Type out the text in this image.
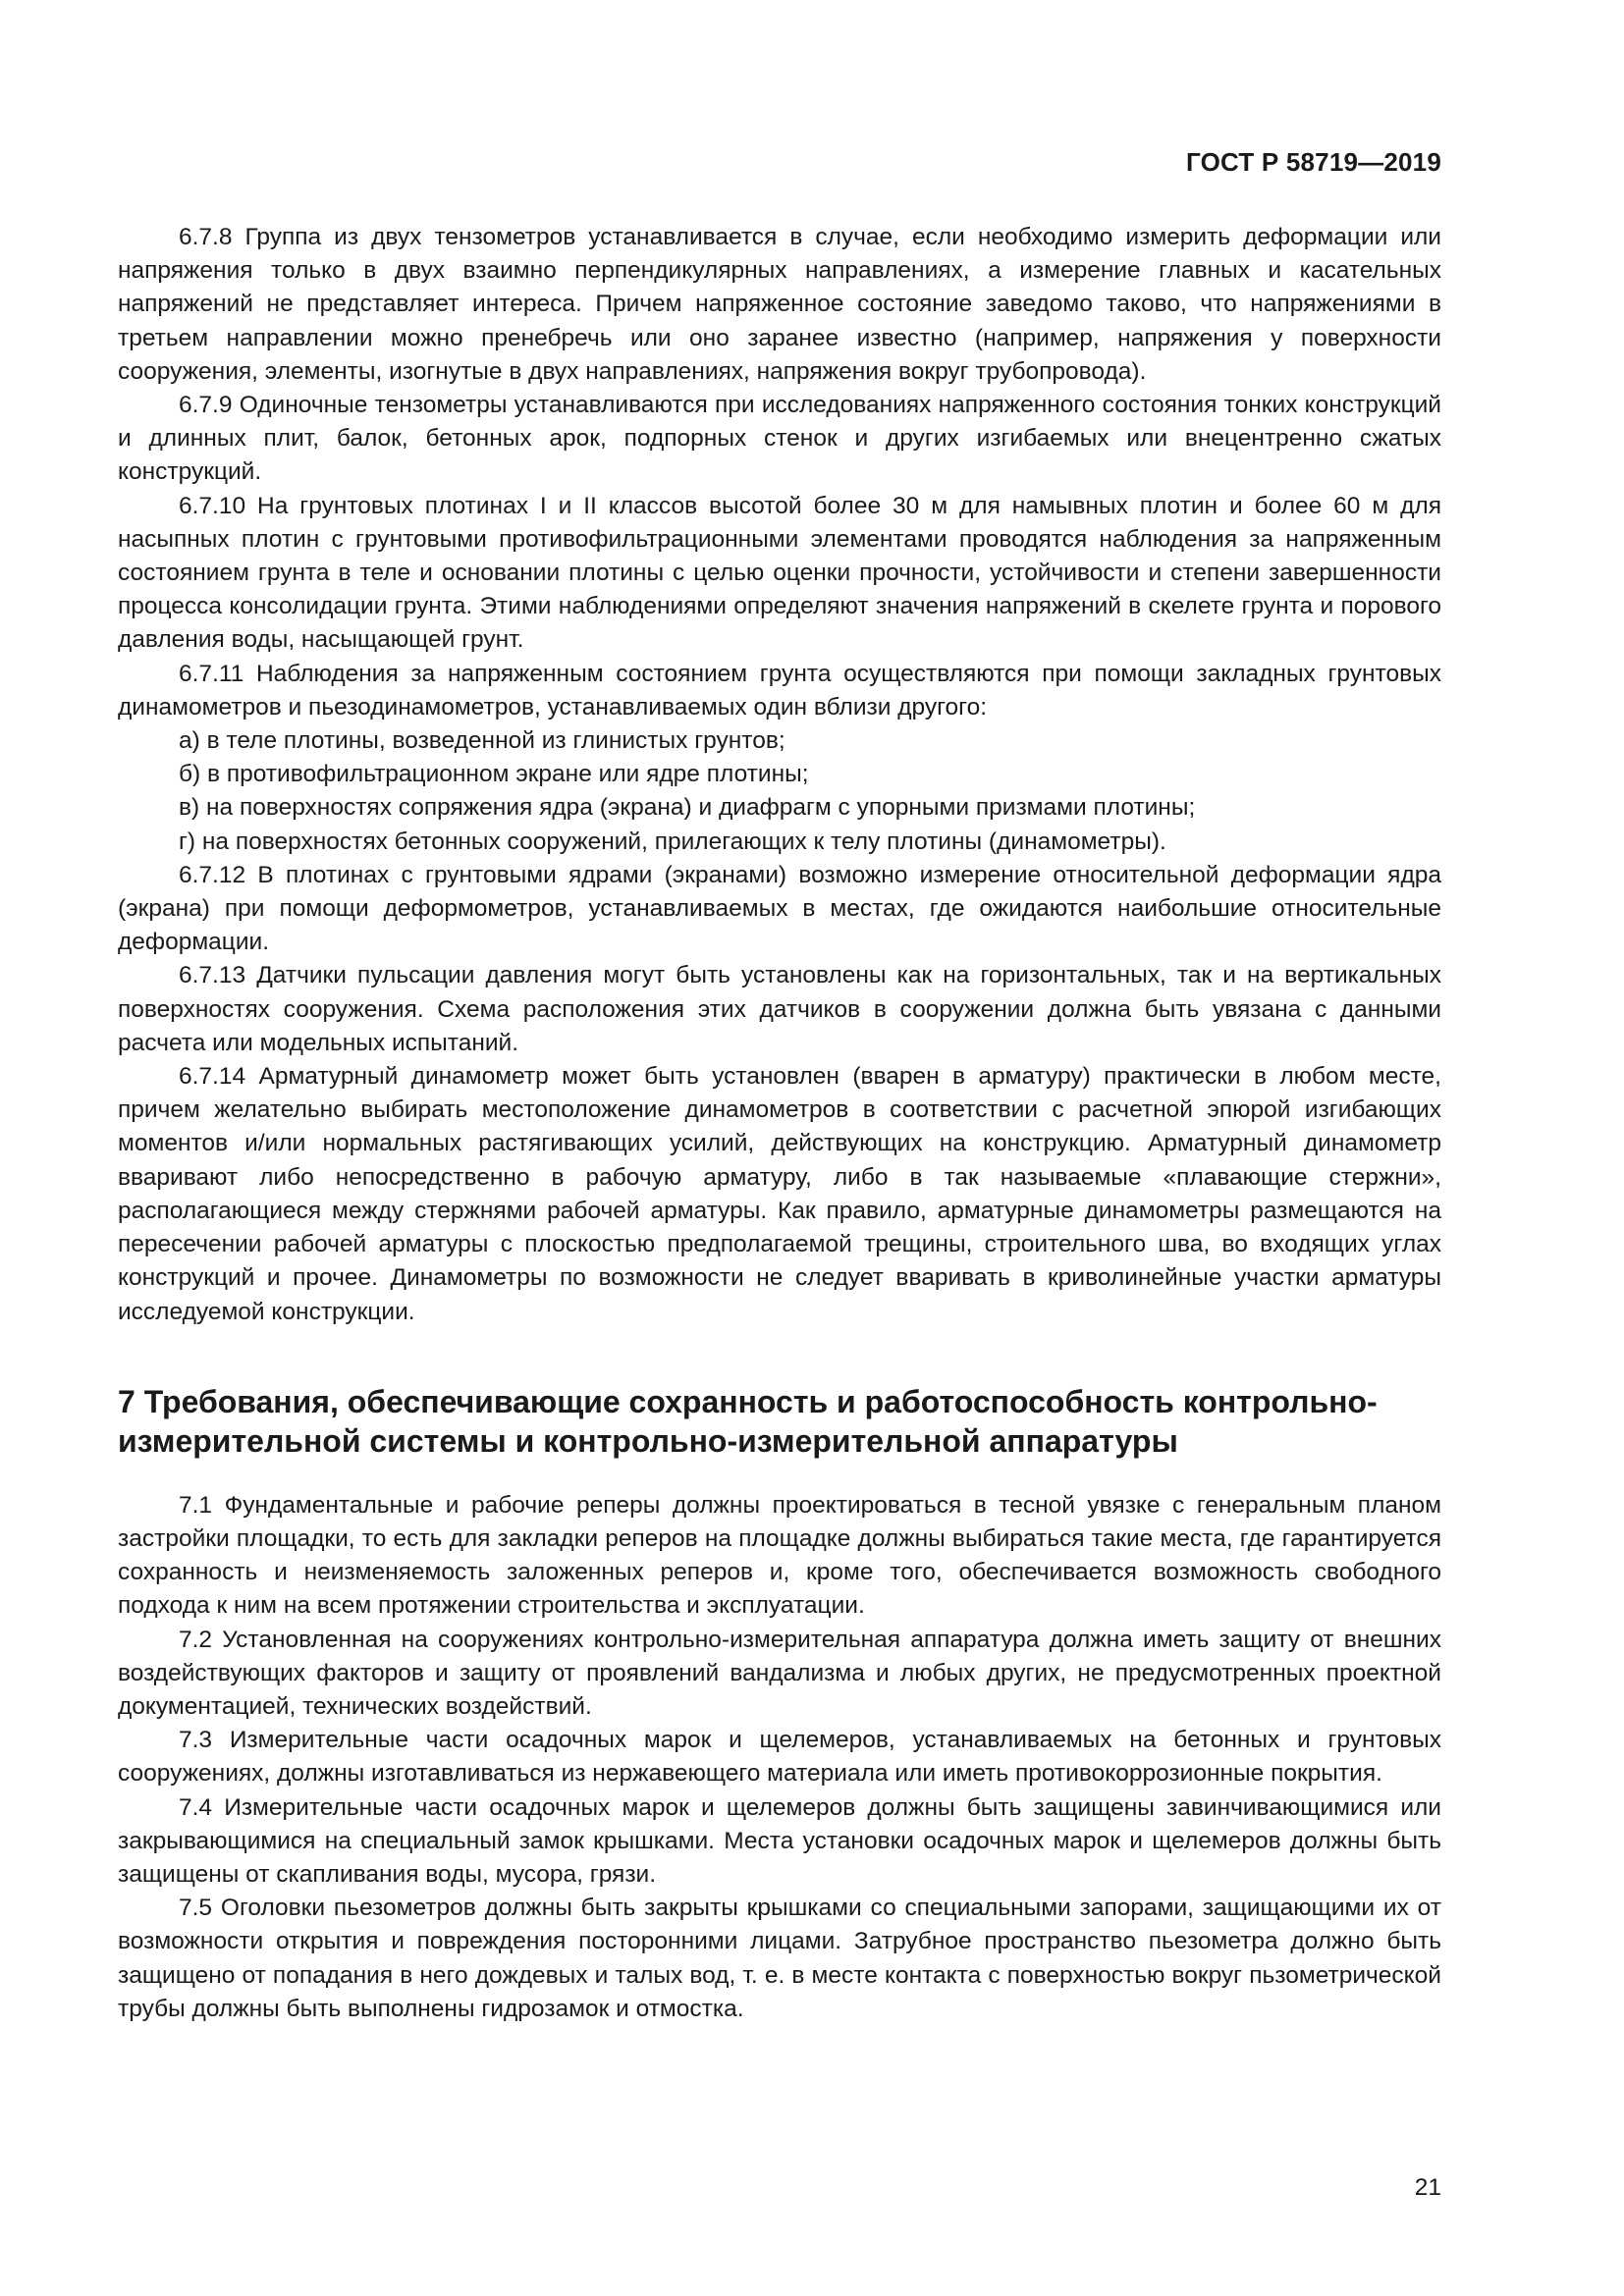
ГОСТ Р 58719—2019

6.7.8 Группа из двух тензометров устанавливается в случае, если необходимо измерить деформации или напряжения только в двух взаимно перпендикулярных направлениях, а измерение главных и касательных напряжений не представляет интереса. Причем напряженное состояние заведомо таково, что напряжениями в третьем направлении можно пренебречь или оно заранее известно (например, напряжения у поверхности сооружения, элементы, изогнутые в двух направлениях, напряжения вокруг трубопровода).

6.7.9 Одиночные тензометры устанавливаются при исследованиях напряженного состояния тонких конструкций и длинных плит, балок, бетонных арок, подпорных стенок и других изгибаемых или внецентренно сжатых конструкций.

6.7.10 На грунтовых плотинах I и II классов высотой более 30 м для намывных плотин и более 60 м для насыпных плотин с грунтовыми противофильтрационными элементами проводятся наблюдения за напряженным состоянием грунта в теле и основании плотины с целью оценки прочности, устойчивости и степени завершенности процесса консолидации грунта. Этими наблюдениями определяют значения напряжений в скелете грунта и порового давления воды, насыщающей грунт.

6.7.11 Наблюдения за напряженным состоянием грунта осуществляются при помощи закладных грунтовых динамометров и пьезодинамометров, устанавливаемых один вблизи другого:

а) в теле плотины, возведенной из глинистых грунтов;

б) в противофильтрационном экране или ядре плотины;

в) на поверхностях сопряжения ядра (экрана) и диафрагм с упорными призмами плотины;

г) на поверхностях бетонных сооружений, прилегающих к телу плотины (динамометры).

6.7.12 В плотинах с грунтовыми ядрами (экранами) возможно измерение относительной деформации ядра (экрана) при помощи деформометров, устанавливаемых в местах, где ожидаются наибольшие относительные деформации.

6.7.13 Датчики пульсации давления могут быть установлены как на горизонтальных, так и на вертикальных поверхностях сооружения. Схема расположения этих датчиков в сооружении должна быть увязана с данными расчета или модельных испытаний.

6.7.14 Арматурный динамометр может быть установлен (вварен в арматуру) практически в любом месте, причем желательно выбирать местоположение динамометров в соответствии с расчетной эпюрой изгибающих моментов и/или нормальных растягивающих усилий, действующих на конструкцию. Арматурный динамометр вваривают либо непосредственно в рабочую арматуру, либо в так называемые «плавающие стержни», располагающиеся между стержнями рабочей арматуры. Как правило, арматурные динамометры размещаются на пересечении рабочей арматуры с плоскостью предполагаемой трещины, строительного шва, во входящих углах конструкций и прочее. Динамометры по возможности не следует вваривать в криволинейные участки арматуры исследуемой конструкции.

7 Требования, обеспечивающие сохранность и работоспособность контрольно-измерительной системы и контрольно-измерительной аппаратуры

7.1 Фундаментальные и рабочие реперы должны проектироваться в тесной увязке с генеральным планом застройки площадки, то есть для закладки реперов на площадке должны выбираться такие места, где гарантируется сохранность и неизменяемость заложенных реперов и, кроме того, обеспечивается возможность свободного подхода к ним на всем протяжении строительства и эксплуатации.

7.2 Установленная на сооружениях контрольно-измерительная аппаратура должна иметь защиту от внешних воздействующих факторов и защиту от проявлений вандализма и любых других, не предусмотренных проектной документацией, технических воздействий.

7.3 Измерительные части осадочных марок и щелемеров, устанавливаемых на бетонных и грунтовых сооружениях, должны изготавливаться из нержавеющего материала или иметь противокоррозионные покрытия.

7.4 Измерительные части осадочных марок и щелемеров должны быть защищены завинчивающимися или закрывающимися на специальный замок крышками. Места установки осадочных марок и щелемеров должны быть защищены от скапливания воды, мусора, грязи.

7.5 Оголовки пьезометров должны быть закрыты крышками со специальными запорами, защищающими их от возможности открытия и повреждения посторонними лицами. Затрубное пространство пьезометра должно быть защищено от попадания в него дождевых и талых вод, т. е. в месте контакта с поверхностью вокруг пьзометрической трубы должны быть выполнены гидрозамок и отмостка.

21
